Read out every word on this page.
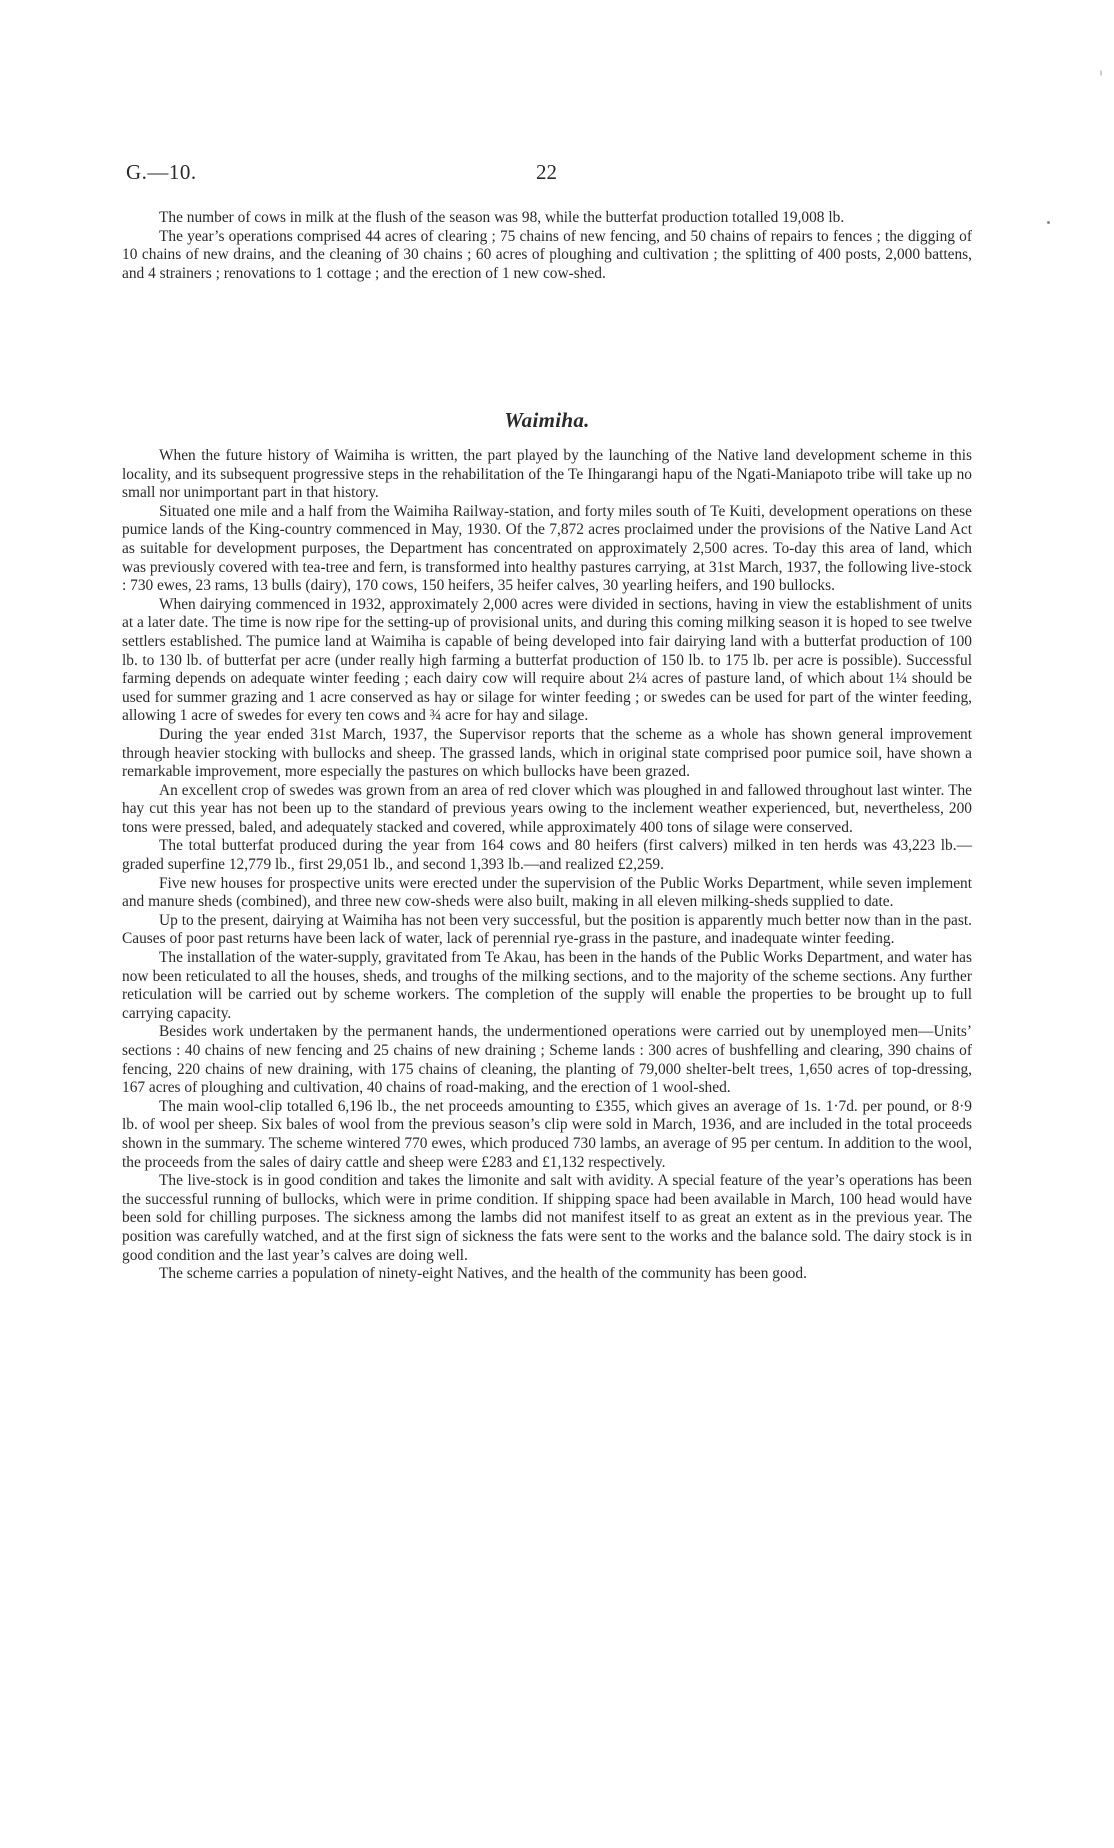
G.—10.	22

The number of cows in milk at the flush of the season was 98, while the butterfat production totalled 19,008 lb.

The year’s operations comprised 44 acres of clearing ; 75 chains of new fencing, and 50 chains of repairs to fences ; the digging of 10 chains of new drains, and the cleaning of 30 chains ; 60 acres of ploughing and cultivation ; the splitting of 400 posts, 2,000 battens, and 4 strainers ; renovations to 1 cottage ; and the erection of 1 new cow-shed.

Waimiha.

When the future history of Waimiha is written, the part played by the launching of the Native land development scheme in this locality, and its subsequent progressive steps in the rehabilitation of the Te Ihingarangi hapu of the Ngati-Maniapoto tribe will take up no small nor unimportant part in that history.

Situated one mile and a half from the Waimiha Railway-station, and forty miles south of Te Kuiti, development operations on these pumice lands of the King-country commenced in May, 1930. Of the 7,872 acres proclaimed under the provisions of the Native Land Act as suitable for development purposes, the Department has concentrated on approximately 2,500 acres. To-day this area of land, which was previously covered with tea-tree and fern, is transformed into healthy pastures carrying, at 31st March, 1937, the following live-stock : 730 ewes, 23 rams, 13 bulls (dairy), 170 cows, 150 heifers, 35 heifer calves, 30 yearling heifers, and 190 bullocks.

When dairying commenced in 1932, approximately 2,000 acres were divided in sections, having in view the establishment of units at a later date. The time is now ripe for the setting-up of provisional units, and during this coming milking season it is hoped to see twelve settlers established. The pumice land at Waimiha is capable of being developed into fair dairying land with a butterfat production of 100 lb. to 130 lb. of butterfat per acre (under really high farming a butterfat production of 150 lb. to 175 lb. per acre is possible). Successful farming depends on adequate winter feeding ; each dairy cow will require about 2¼ acres of pasture land, of which about 1¼ should be used for summer grazing and 1 acre conserved as hay or silage for winter feeding ; or swedes can be used for part of the winter feeding, allowing 1 acre of swedes for every ten cows and ¾ acre for hay and silage.

During the year ended 31st March, 1937, the Supervisor reports that the scheme as a whole has shown general improvement through heavier stocking with bullocks and sheep. The grassed lands, which in original state comprised poor pumice soil, have shown a remarkable improvement, more especially the pastures on which bullocks have been grazed.

An excellent crop of swedes was grown from an area of red clover which was ploughed in and fallowed throughout last winter. The hay cut this year has not been up to the standard of previous years owing to the inclement weather experienced, but, nevertheless, 200 tons were pressed, baled, and adequately stacked and covered, while approximately 400 tons of silage were conserved.

The total butterfat produced during the year from 164 cows and 80 heifers (first calvers) milked in ten herds was 43,223 lb.—graded superfine 12,779 lb., first 29,051 lb., and second 1,393 lb.—and realized £2,259.

Five new houses for prospective units were erected under the supervision of the Public Works Department, while seven implement and manure sheds (combined), and three new cow-sheds were also built, making in all eleven milking-sheds supplied to date.

Up to the present, dairying at Waimiha has not been very successful, but the position is apparently much better now than in the past. Causes of poor past returns have been lack of water, lack of perennial rye-grass in the pasture, and inadequate winter feeding.

The installation of the water-supply, gravitated from Te Akau, has been in the hands of the Public Works Department, and water has now been reticulated to all the houses, sheds, and troughs of the milking sections, and to the majority of the scheme sections. Any further reticulation will be carried out by scheme workers. The completion of the supply will enable the properties to be brought up to full carrying capacity.

Besides work undertaken by the permanent hands, the undermentioned operations were carried out by unemployed men—Units’ sections : 40 chains of new fencing and 25 chains of new draining ; Scheme lands : 300 acres of bushfelling and clearing, 390 chains of fencing, 220 chains of new draining, with 175 chains of cleaning, the planting of 79,000 shelter-belt trees, 1,650 acres of top-dressing, 167 acres of ploughing and cultivation, 40 chains of road-making, and the erection of 1 wool-shed.

The main wool-clip totalled 6,196 lb., the net proceeds amounting to £355, which gives an average of 1s. 1·7d. per pound, or 8·9 lb. of wool per sheep. Six bales of wool from the previous season’s clip were sold in March, 1936, and are included in the total proceeds shown in the summary. The scheme wintered 770 ewes, which produced 730 lambs, an average of 95 per centum. In addition to the wool, the proceeds from the sales of dairy cattle and sheep were £283 and £1,132 respectively.

The live-stock is in good condition and takes the limonite and salt with avidity. A special feature of the year’s operations has been the successful running of bullocks, which were in prime condition. If shipping space had been available in March, 100 head would have been sold for chilling purposes. The sickness among the lambs did not manifest itself to as great an extent as in the previous year. The position was carefully watched, and at the first sign of sickness the fats were sent to the works and the balance sold. The dairy stock is in good condition and the last year’s calves are doing well.

The scheme carries a population of ninety-eight Natives, and the health of the community has been good.
